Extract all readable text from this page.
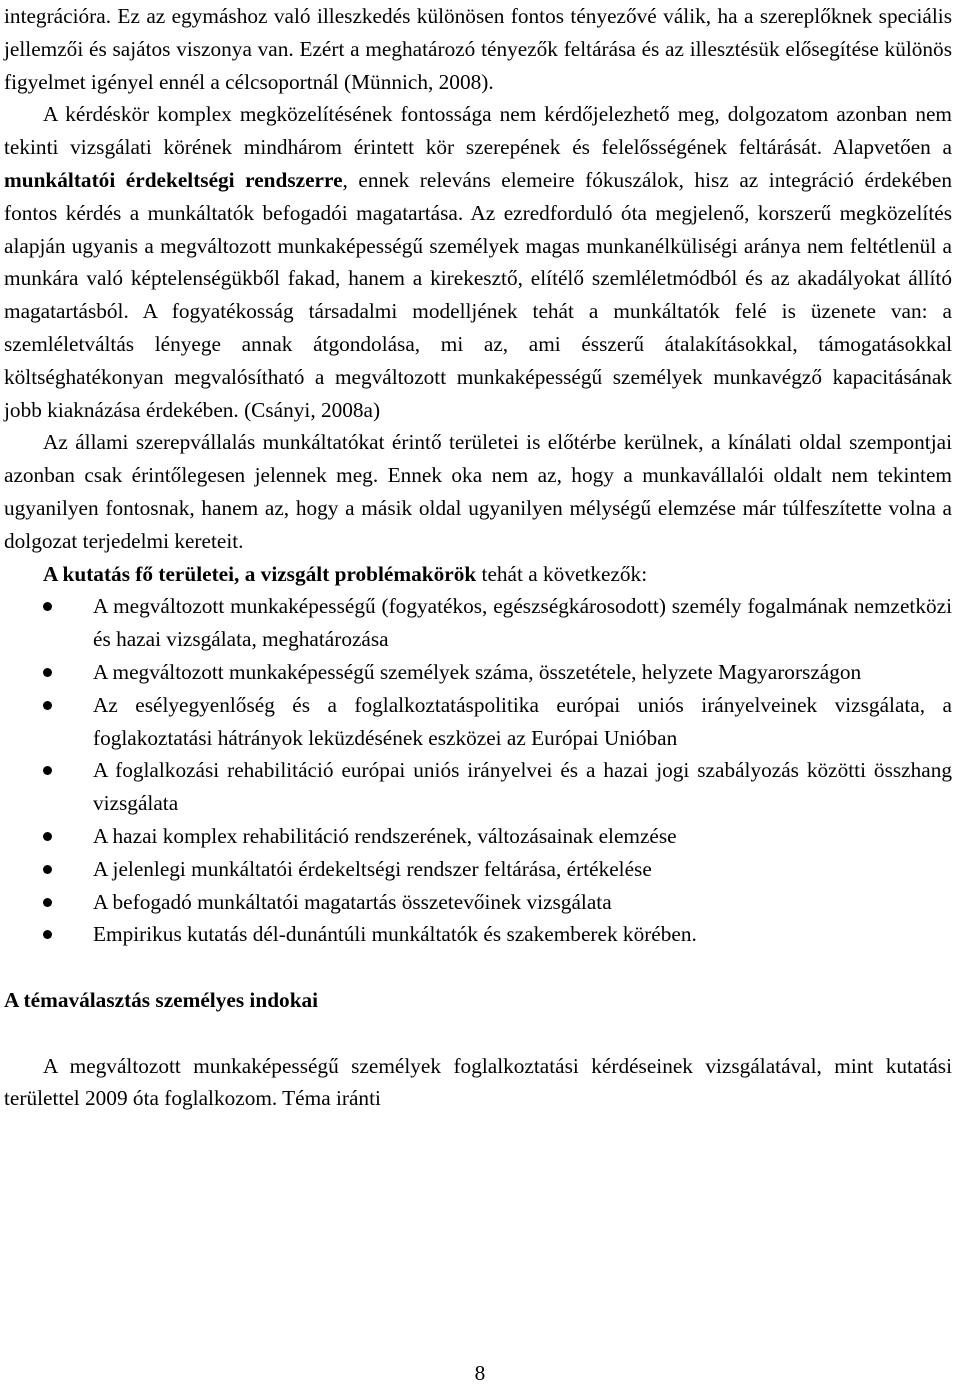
integrációra. Ez az egymáshoz való illeszkedés különösen fontos tényezővé válik, ha a szereplőknek speciális jellemzői és sajátos viszonya van. Ezért a meghatározó tényezők feltárása és az illesztésük elősegítése különös figyelmet igényel ennél a célcsoportnál (Münnich, 2008).

A kérdéskör komplex megközelítésének fontossága nem kérdőjelezhető meg, dolgozatom azonban nem tekinti vizsgálati körének mindhárom érintett kör szerepének és felelősségének feltárását. Alapvetően a munkáltatói érdekeltségi rendszerre, ennek releváns elemeire fókuszálok, hisz az integráció érdekében fontos kérdés a munkáltatók befogadói magatartása. Az ezredforduló óta megjelenő, korszerű megközelítés alapján ugyanis a megváltozott munkaképességű személyek magas munkanélküliségi aránya nem feltétlenül a munkára való képtelenségükből fakad, hanem a kirekesztő, elítélő szemléletmódból és az akadályokat állító magatartásból. A fogyatékosság társadalmi modelljének tehát a munkáltatók felé is üzenete van: a szemléletváltás lényege annak átgondolása, mi az, ami ésszerű átalakításokkal, támogatásokkal költséghatékonyan megvalósítható a megváltozott munkaképességű személyek munkavégző kapacitásának jobb kiaknázása érdekében. (Csányi, 2008a)

Az állami szerepvállalás munkáltatókat érintő területei is előtérbe kerülnek, a kínálati oldal szempontjai azonban csak érintőlegesen jelennek meg. Ennek oka nem az, hogy a munkavállalói oldalt nem tekintem ugyanilyen fontosnak, hanem az, hogy a másik oldal ugyanilyen mélységű elemzése már túlfeszítette volna a dolgozat terjedelmi kereteit.

A kutatás fő területei, a vizsgált problémakörök tehát a következők:

A megváltozott munkaképességű (fogyatékos, egészségkárosodott) személy fogalmának nemzetközi és hazai vizsgálata, meghatározása
A megváltozott munkaképességű személyek száma, összetétele, helyzete Magyarországon
Az esélyegyenlőség és a foglalkoztatáspolitika európai uniós irányelveinek vizsgálata, a foglakoztatási hátrányok leküzdésének eszközei az Európai Unióban
A foglalkozási rehabilitáció európai uniós irányelvei és a hazai jogi szabályozás közötti összhang vizsgálata
A hazai komplex rehabilitáció rendszerének, változásainak elemzése
A jelenlegi munkáltatói érdekeltségi rendszer feltárása, értékelése
A befogadó munkáltatói magatartás összetevőinek vizsgálata
Empirikus kutatás dél-dunántúli munkáltatók és szakemberek körében.
A témaválasztás személyes indokai

A megváltozott munkaképességű személyek foglalkoztatási kérdéseinek vizsgálatával, mint kutatási területtel 2009 óta foglalkozom. Téma iránti

8
